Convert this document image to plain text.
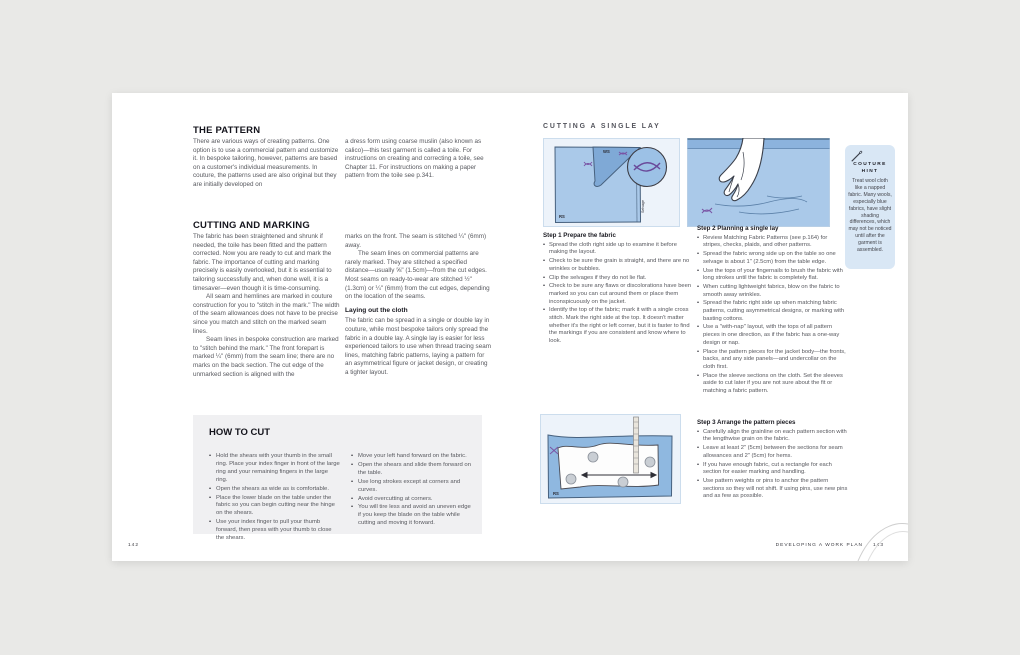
THE PATTERN
There are various ways of creating patterns. One option is to use a commercial pattern and customize it. In bespoke tailoring, however, patterns are based on a customer's individual measurements. In couture, the patterns used are also original but they are initially developed on
a dress form using coarse muslin (also known as calico)—this test garment is called a toile. For instructions on creating and correcting a toile, see Chapter 11. For instructions on making a paper pattern from the toile see p.341.
CUTTING AND MARKING

The fabric has been straightened and shrunk if needed, the toile has been fitted and the pattern corrected. Now you are ready to cut and mark the fabric. The importance of cutting and marking precisely is easily overlooked, but it is essential to tailoring successfully and, when done well, it is a timesaver—even though it is time-consuming.

All seam and hemlines are marked in couture construction for you to "stitch in the mark." The width of the seam allowances does not have to be precise since you match and stitch on the marked seam lines.

Seam lines in bespoke construction are marked to "stitch behind the mark." The front forepart is marked ¼" (6mm) from the seam line; there are no marks on the back section. The cut edge of the unmarked section is aligned with the

marks on the front. The seam is stitched ¼" (6mm) away.

The seam lines on commercial patterns are rarely marked. They are stitched a specified distance—usually ⅝" (1.5cm)—from the cut edges. Most seams on ready-to-wear are stitched ½" (1.3cm) or ¼" (6mm) from the cut edges, depending on the location of the seams.

Laying out the cloth

The fabric can be spread in a single or double lay in couture, while most bespoke tailors only spread the fabric in a double lay. A single lay is easier for less experienced tailors to use when thread tracing seam lines, matching fabric patterns, laying a pattern for an asymmetrical figure or jacket design, or creating a tighter layout.

HOW TO CUT
• Hold the shears with your thumb in the small ring. Place your index finger in front of the large ring and your remaining fingers in the large ring.
• Open the shears as wide as is comfortable.
• Place the lower blade on the table under the fabric so you can begin cutting near the hinge on the shears.
• Use your index finger to pull your thumb forward, then press with your thumb to close the shears.
• Move your left hand forward on the fabric.
• Open the shears and slide them forward on the table.
• Use long strokes except at corners and curves.
• Avoid overcutting at corners.
• You will tire less and avoid an uneven edge if you keep the blade on the table while cutting and moving it forward.
142
CUTTING A SINGLE LAY
WS
RS
Selvage
Step 1 Prepare the fabric
• Spread the cloth right side up to examine it before making the layout.
• Check to be sure the grain is straight, and there are no wrinkles or bubbles.
• Clip the selvages if they do not lie flat.
• Check to be sure any flaws or discolorations have been marked so you can cut around them or place them inconspicuously on the jacket.
• Identify the top of the fabric; mark it with a single cross stitch. Mark the right side at the top. It doesn't matter whether it's the right or left corner, but it is faster to find the markings if you are consistent and know where to look.
Step 2 Planning a single lay
• Review Matching Fabric Patterns (see p.164) for stripes, checks, plaids, and other patterns.
• Spread the fabric wrong side up on the table so one selvage is about 1" (2.5cm) from the table edge.
• Use the tops of your fingernails to brush the fabric with long strokes until the fabric is completely flat.
• When cutting lightweight fabrics, blow on the fabric to smooth away wrinkles.
• Spread the fabric right side up when matching fabric patterns, cutting asymmetrical designs, or marking with basting cottons.
• Use a "with-nap" layout, with the tops of all pattern pieces in one direction, as if the fabric has a one-way design or nap.
• Place the pattern pieces for the jacket body—the fronts, backs, and any side panels—and undercollar on the cloth first.
• Place the sleeve sections on the cloth. Set the sleeves aside to cut later if you are not sure about the fit or matching a fabric pattern.
COUTURE HINT
Treat wool cloth like a napped fabric. Many wools, especially blue fabrics, have slight shading differences, which may not be noticed until after the garment is assembled.
RS
Step 3 Arrange the pattern pieces
• Carefully align the grainline on each pattern section with the lengthwise grain on the fabric.
• Leave at least 2" (5cm) between the sections for seam allowances and 2" (5cm) for hems.
• If you have enough fabric, cut a rectangle for each section for easier marking and handling.
• Use pattern weights or pins to anchor the pattern sections so they will not shift. If using pins, use new pins and as few as possible.
DEVELOPING A WORK PLAN 143
